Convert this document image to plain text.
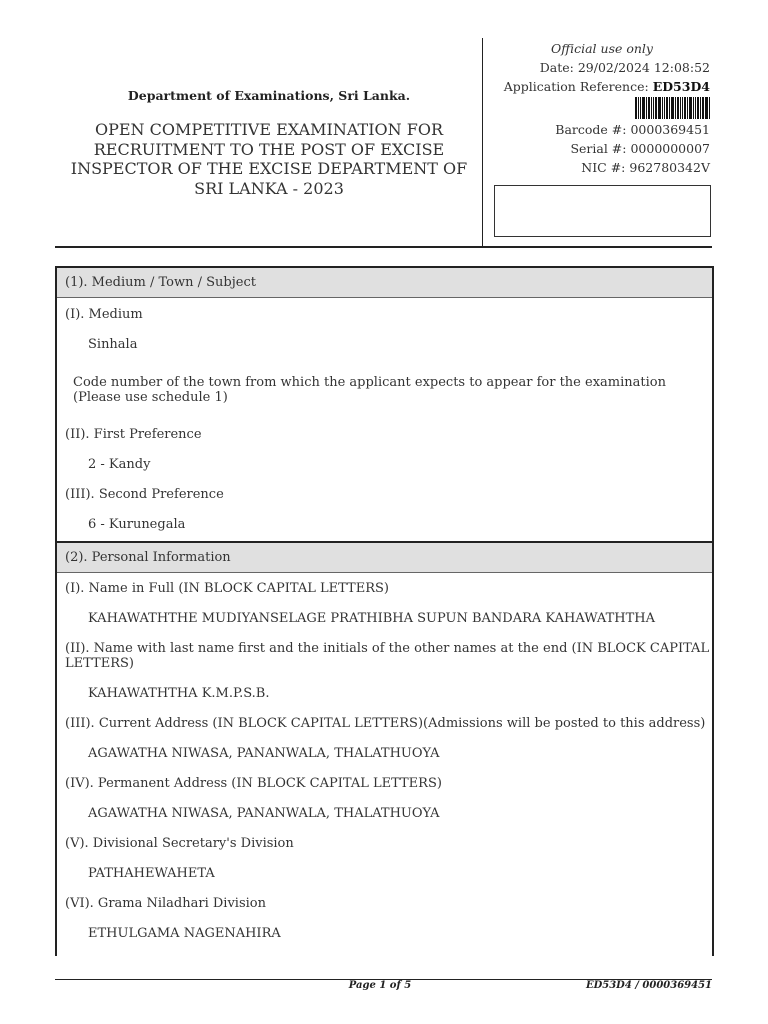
Department of Examinations, Sri Lanka.
OPEN COMPETITIVE EXAMINATION FOR RECRUITMENT TO THE POST OF EXCISE INSPECTOR OF THE EXCISE DEPARTMENT OF SRI LANKA - 2023
Official use only
Date: 29/02/2024 12:08:52
Application Reference: ED53D4
Barcode #: 0000369451
Serial #: 0000000007
NIC #: 962780342V
(1). Medium / Town / Subject
(I). Medium
Sinhala
Code number of the town from which the applicant expects to appear for the examination (Please use schedule 1)
(II). First Preference
2 - Kandy
(III). Second Preference
6 - Kurunegala
(2). Personal Information
(I). Name in Full (IN BLOCK CAPITAL LETTERS)
KAHAWATHTHE MUDIYANSELAGE PRATHIBHA SUPUN BANDARA KAHAWATHTHA
(II). Name with last name first and the initials of the other names at the end (IN BLOCK CAPITAL LETTERS)
KAHAWATHTHA K.M.P.S.B.
(III). Current Address (IN BLOCK CAPITAL LETTERS)(Admissions will be posted to this address)
AGAWATHA NIWASA, PANANWALA, THALATHUOYA
(IV). Permanent Address (IN BLOCK CAPITAL LETTERS)
AGAWATHA NIWASA, PANANWALA, THALATHUOYA
(V). Divisional Secretary's Division
PATHAHEWAHETA
(VI). Grama Niladhari Division
ETHULGAMA NAGENAHIRA
Page 1 of 5	ED53D4 / 0000369451
